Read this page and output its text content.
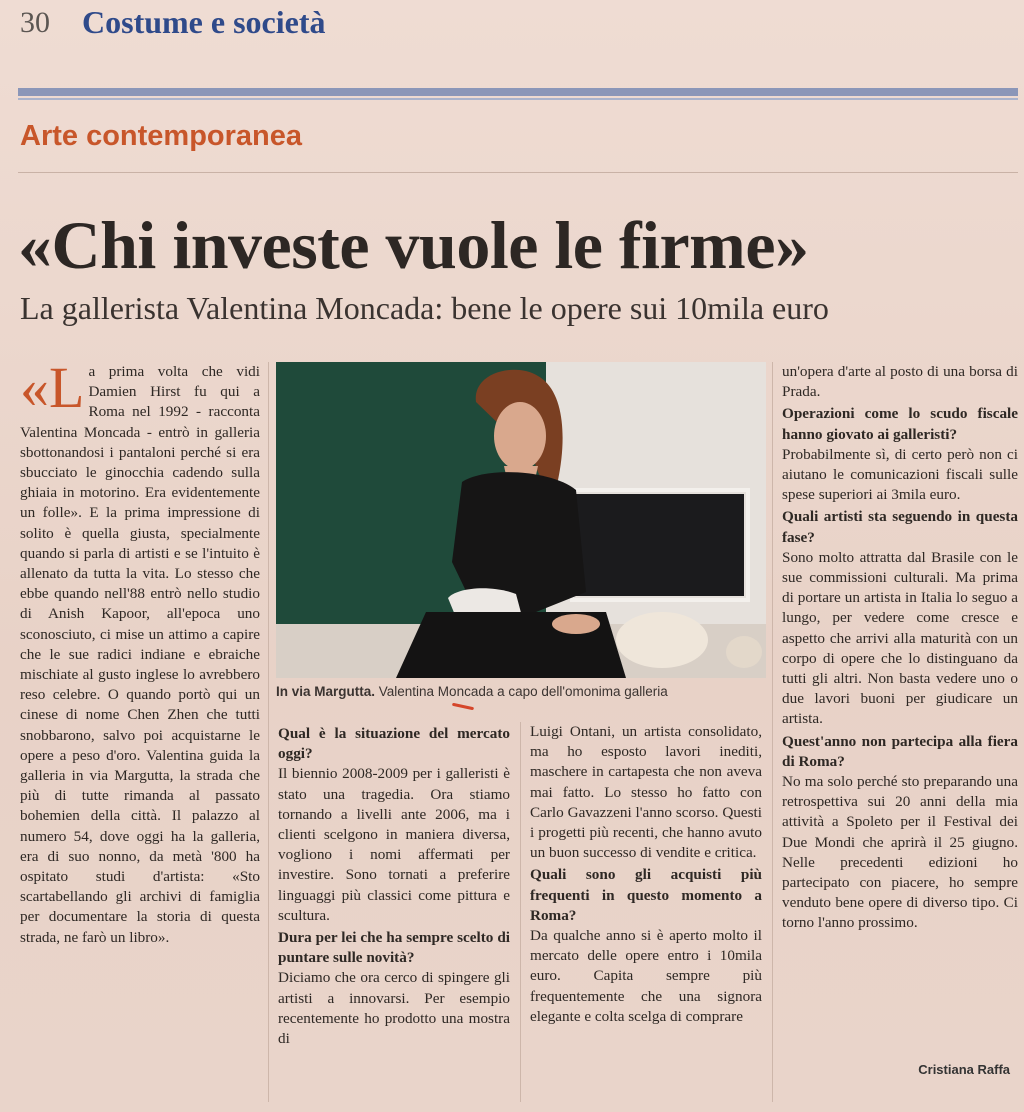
30 Costume e società
Arte contemporanea
«Chi investe vuole le firme»
La gallerista Valentina Moncada: bene le opere sui 10mila euro
«L a prima volta che vidi Damien Hirst fu qui a Roma nel 1992 - racconta Valentina Moncada - entrò in galleria sbottonandosi i pantaloni perché si era sbucciato le ginocchia cadendo sulla ghiaia in motorino. Era evidentemente un folle». E la prima impressione di solito è quella giusta, specialmente quando si parla di artisti e se l'intuito è allenato da tutta la vita. Lo stesso che ebbe quando nell'88 entrò nello studio di Anish Kapoor, all'epoca uno sconosciuto, ci mise un attimo a capire che le sue radici indiane e ebraiche mischiate al gusto inglese lo avrebbero reso celebre. O quando portò qui un cinese di nome Chen Zhen che tutti snobbarono, salvo poi acquistarne le opere a peso d'oro. Valentina guida la galleria in via Margutta, la strada che più di tutte rimanda al passato bohemien della città. Il palazzo al numero 54, dove oggi ha la galleria, era di suo nonno, da metà '800 ha ospitato studi d'artista: «Sto scartabellando gli archivi di famiglia per documentare la storia di questa strada, ne farò un libro».

In via Margutta. Valentina Moncada a capo dell'omonima galleria

Qual è la situazione del mercato oggi?

Il biennio 2008-2009 per i galleristi è stato una tragedia. Ora stiamo tornando a livelli ante 2006, ma i clienti scelgono in maniera diversa, vogliono i nomi affermati per investire. Sono tornati a preferire linguaggi più classici come pittura e scultura.

Dura per lei che ha sempre scelto di puntare sulle novità?

Diciamo che ora cerco di spingere gli artisti a innovarsi. Per esempio recentemente ho prodotto una mostra di

Luigi Ontani, un artista consolidato, ma ho esposto lavori inediti, maschere in cartapesta che non aveva mai fatto. Lo stesso ho fatto con Carlo Gavazzeni l'anno scorso. Questi i progetti più recenti, che hanno avuto un buon successo di vendite e critica.

Quali sono gli acquisti più frequenti in questo momento a Roma?

Da qualche anno si è aperto molto il mercato delle opere entro i 10mila euro. Capita sempre più frequentemente che una signora elegante e colta scelga di comprare

un'opera d'arte al posto di una borsa di Prada.

Operazioni come lo scudo fiscale hanno giovato ai galleristi?

Probabilmente sì, di certo però non ci aiutano le comunicazioni fiscali sulle spese superiori ai 3mila euro.

Quali artisti sta seguendo in questa fase?

Sono molto attratta dal Brasile con le sue commissioni culturali. Ma prima di portare un artista in Italia lo seguo a lungo, per vedere come cresce e aspetto che arrivi alla maturità con un corpo di opere che lo distinguano da tutti gli altri. Non basta vedere uno o due lavori buoni per giudicare un artista.

Quest'anno non partecipa alla fiera di Roma?

No ma solo perché sto preparando una retrospettiva sui 20 anni della mia attività a Spoleto per il Festival dei Due Mondi che aprirà il 25 giugno. Nelle precedenti edizioni ho partecipato con piacere, ho sempre venduto bene opere di diverso tipo. Ci torno l'anno prossimo.

Cristiana Raffa
